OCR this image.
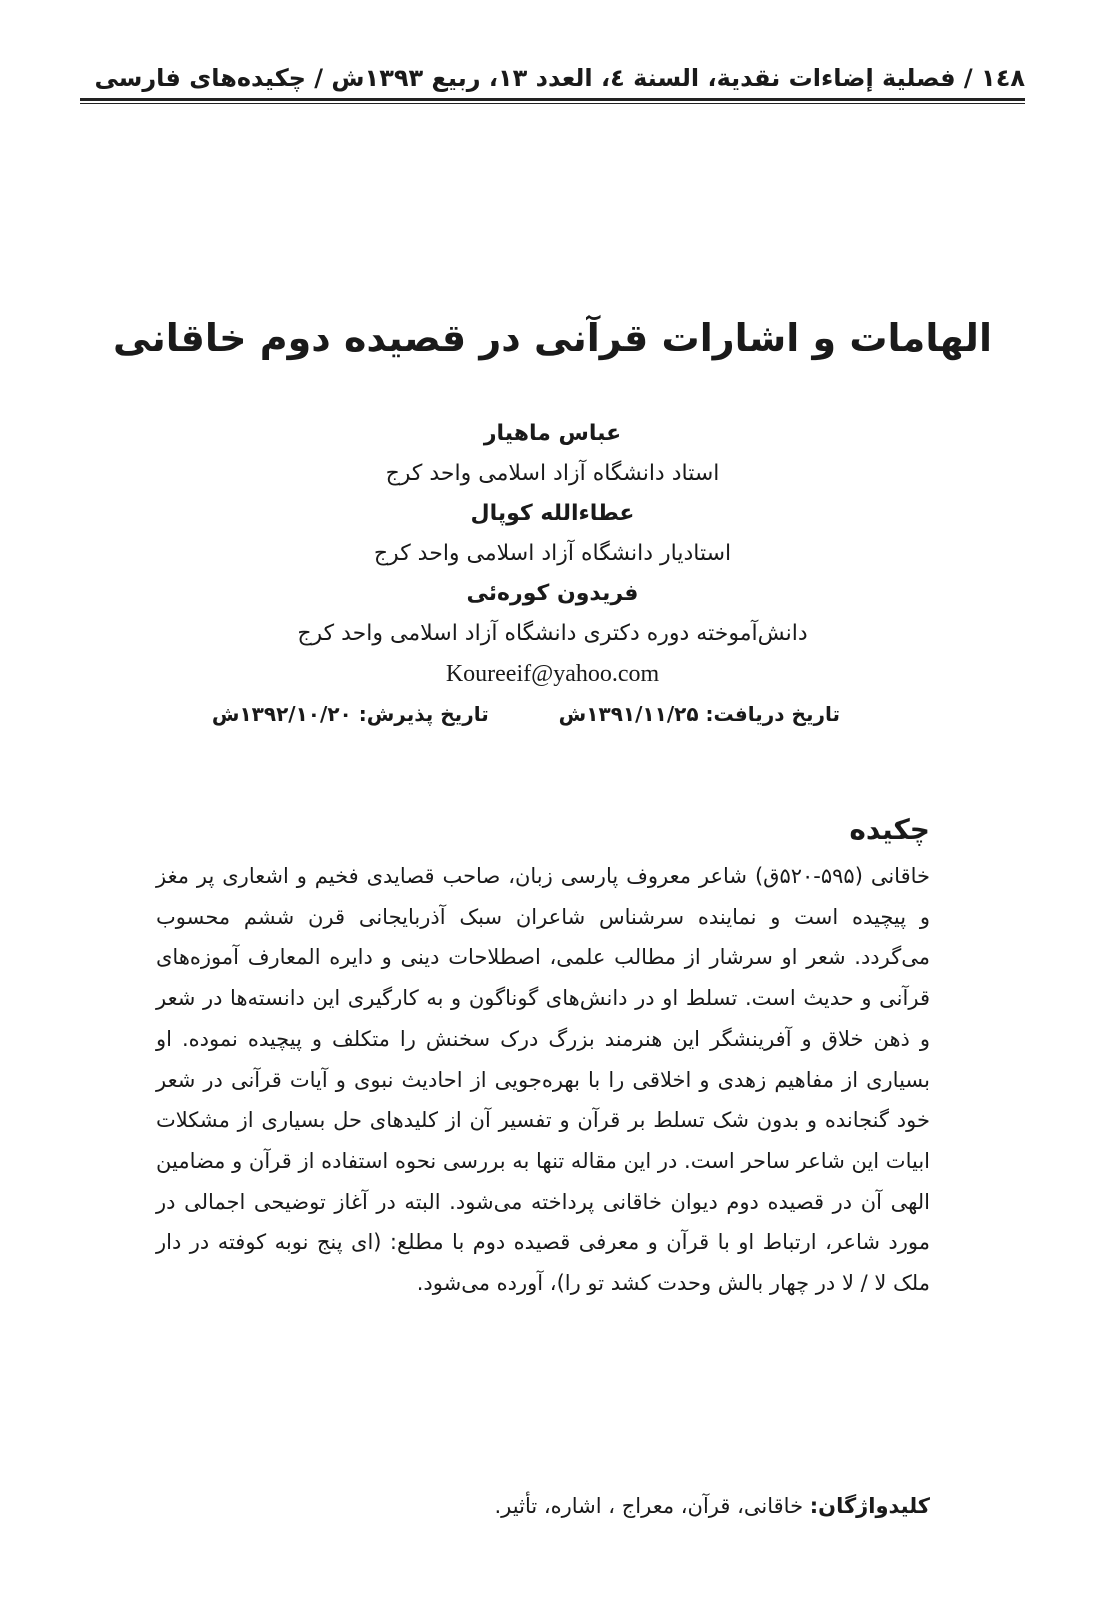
١٤٨ / فصلية إضاءات نقدية، السنة ٤، العدد ١٣، ربيع ١٣٩٣ش / چكيده‌هاى فارسى
الهامات و اشارات قرآنی در قصیده دوم خاقانی
عباس ماهیار
استاد دانشگاه آزاد اسلامی واحد کرج
عطاءالله کوپال
استادیار دانشگاه آزاد اسلامی واحد کرج
فریدون کوره‌ئی
دانش‌آموخته دوره دکتری دانشگاه آزاد اسلامی واحد کرج
Koureeif@yahoo.com
تاریخ دریافت: ۱۳۹۱/۱۱/۲۵ش  تاریخ پذیرش: ۱۳۹۲/۱۰/۲۰ش
چکیده
خاقانی (۵۹۵-۵۲۰ق) شاعر معروف پارسی زبان، صاحب قصایدی فخیم و اشعاری پر مغز و پیچیده است و نماینده سرشناس شاعران سبک آذربایجانی قرن ششم محسوب می‌گردد. شعر او سرشار از مطالب علمی، اصطلاحات دینی و دایره المعارف آموزه‌های قرآنی و حدیث است. تسلط او در دانش‌های گوناگون و به کارگیری این دانسته‌ها در شعر و ذهن خلاق و آفرینشگر این هنرمند بزرگ درک سخنش را متکلف و پیچیده نموده. او بسیاری از مفاهیم زهدی و اخلاقی را با بهره‌جویی از احادیث نبوی و آیات قرآنی در شعر خود گنجانده و بدون شک تسلط بر قرآن و تفسیر آن از کلیدهای حل بسیاری از مشکلات ابیات این شاعر ساحر است. در این مقاله تنها به بررسی نحوه استفاده از قرآن و مضامین الهی آن در قصیده دوم دیوان خاقانی پرداخته می‌شود. البته در آغاز توضیحی اجمالی در مورد شاعر، ارتباط او با قرآن و معرفی قصیده دوم با مطلع: (ای پنج نوبه کوفته در دار ملک لا / لا در چهار بالش وحدت کشد تو را)، آورده می‌شود.
کلیدواژگان: خاقانی، قرآن، معراج ، اشاره، تأثیر.
